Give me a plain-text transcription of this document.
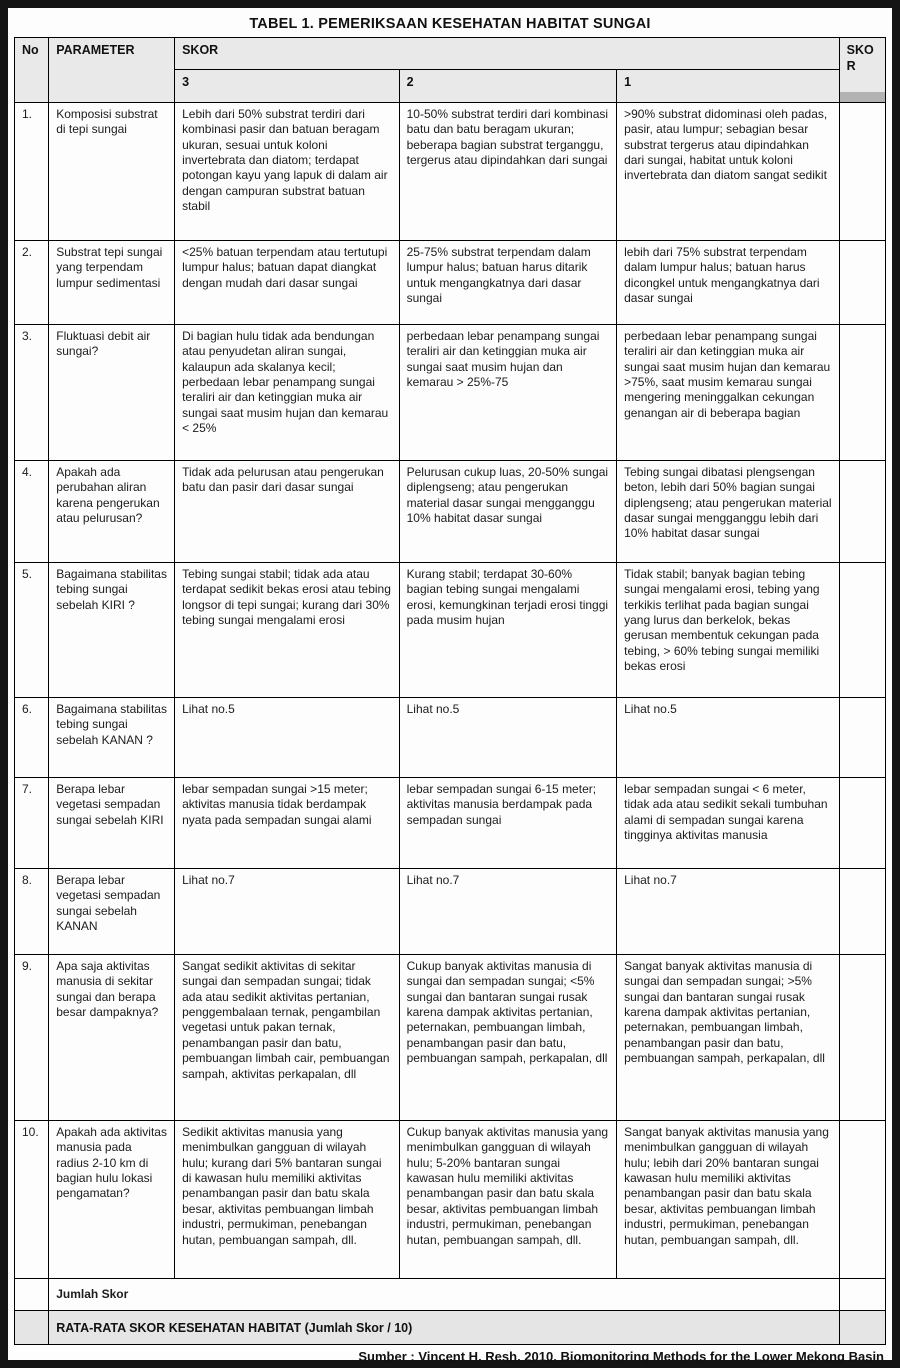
TABEL 1. PEMERIKSAAN KESEHATAN HABITAT SUNGAI
No	PARAMETER	SKOR			SKOR

		3	2	1	
1.	Komposisi substrat di tepi sungai	Lebih dari 50% substrat terdiri dari kombinasi pasir dan batuan beragam ukuran, sesuai untuk koloni invertebrata dan diatom; terdapat potongan kayu yang lapuk di dalam air dengan campuran substrat batuan stabil	10-50% substrat terdiri dari kombinasi batu dan batu beragam ukuran; beberapa bagian substrat terganggu, tergerus atau dipindahkan dari sungai	>90% substrat didominasi oleh padas, pasir, atau lumpur; sebagian besar substrat tergerus atau dipindahkan dari sungai, habitat untuk koloni invertebrata dan diatom sangat sedikit	
2.	Substrat tepi sungai yang terpendam lumpur sedimentasi	<25% batuan terpendam atau tertutupi lumpur halus; batuan dapat diangkat dengan mudah dari dasar sungai	25-75% substrat terpendam dalam lumpur halus; batuan harus ditarik untuk mengangkatnya dari dasar sungai	lebih dari 75% substrat terpendam dalam lumpur halus; batuan harus dicongkel untuk mengangkatnya dari dasar sungai	
3.	Fluktuasi debit air sungai?	Di bagian hulu tidak ada bendungan atau penyudetan aliran sungai, kalaupun ada skalanya kecil; perbedaan lebar penampang sungai teraliri air dan ketinggian muka air sungai saat musim hujan dan kemarau < 25%	perbedaan lebar penampang sungai teraliri air dan ketinggian muka air sungai saat musim hujan dan kemarau > 25%-75	perbedaan lebar penampang sungai teraliri air dan ketinggian muka air sungai saat musim hujan dan kemarau >75%, saat musim kemarau sungai mengering meninggalkan cekungan genangan air di beberapa bagian	
4.	Apakah ada perubahan aliran karena pengerukan atau pelurusan?	Tidak ada pelurusan atau pengerukan batu dan pasir dari dasar sungai	Pelurusan cukup luas, 20-50% sungai diplengseng; atau pengerukan material dasar sungai mengganggu 10% habitat dasar sungai	Tebing sungai dibatasi plengsengan beton, lebih dari 50% bagian sungai diplengseng; atau pengerukan material dasar sungai mengganggu lebih dari 10% habitat dasar sungai	
5.	Bagaimana stabilitas tebing sungai sebelah KIRI ?	Tebing sungai stabil; tidak ada atau terdapat sedikit bekas erosi atau tebing longsor di tepi sungai; kurang dari 30% tebing sungai mengalami erosi	Kurang stabil; terdapat 30-60% bagian tebing sungai mengalami erosi, kemungkinan terjadi erosi tinggi pada musim hujan	Tidak stabil; banyak bagian tebing sungai mengalami erosi, tebing yang terkikis terlihat pada bagian sungai yang lurus dan berkelok, bekas gerusan membentuk cekungan pada tebing, > 60% tebing sungai memiliki bekas erosi	
6.	Bagaimana stabilitas tebing sungai sebelah KANAN ?	Lihat no.5	Lihat no.5	Lihat no.5	
7.	Berapa lebar vegetasi sempadan sungai sebelah KIRI	lebar sempadan sungai >15 meter; aktivitas manusia tidak berdampak nyata pada sempadan sungai alami	lebar sempadan sungai 6-15 meter; aktivitas manusia berdampak pada sempadan sungai	lebar sempadan sungai < 6 meter, tidak ada atau sedikit sekali tumbuhan alami di sempadan sungai karena tingginya aktivitas manusia	
8.	Berapa lebar vegetasi sempadan sungai sebelah KANAN	Lihat no.7	Lihat no.7	Lihat no.7	
9.	Apa saja aktivitas manusia di sekitar sungai dan berapa besar dampaknya?	Sangat sedikit aktivitas di sekitar sungai dan sempadan sungai; tidak ada atau sedikit aktivitas pertanian, penggembalaan ternak, pengambilan vegetasi untuk pakan ternak, penambangan pasir dan batu, pembuangan limbah cair, pembuangan sampah, aktivitas perkapalan, dll	Cukup banyak aktivitas manusia di sungai dan sempadan sungai; <5% sungai dan bantaran sungai rusak karena dampak aktivitas pertanian, peternakan, pembuangan limbah, penambangan pasir dan batu, pembuangan sampah, perkapalan, dll	Sangat banyak aktivitas manusia di sungai dan sempadan sungai; >5% sungai dan bantaran sungai rusak karena dampak aktivitas pertanian, peternakan, pembuangan limbah, penambangan pasir dan batu, pembuangan sampah, perkapalan, dll	
10.	Apakah ada aktivitas manusia pada radius 2-10 km di bagian hulu lokasi pengamatan?	Sedikit aktivitas manusia yang menimbulkan gangguan di wilayah hulu; kurang dari 5% bantaran sungai di kawasan hulu memiliki aktivitas penambangan pasir dan batu skala besar, aktivitas pembuangan limbah industri, permukiman, penebangan hutan, pembuangan sampah, dll.	Cukup banyak aktivitas manusia yang menimbulkan gangguan di wilayah hulu; 5-20% bantaran sungai kawasan hulu memiliki aktivitas penambangan pasir dan batu skala besar, aktivitas pembuangan limbah industri, permukiman, penebangan hutan, pembuangan sampah, dll.	Sangat banyak aktivitas manusia yang menimbulkan gangguan di wilayah hulu; lebih dari 20% bantaran sungai kawasan hulu memiliki aktivitas penambangan pasir dan batu skala besar, aktivitas pembuangan limbah industri, permukiman, penebangan hutan, pembuangan sampah, dll.	
	Jumlah Skor				
	RATA-RATA SKOR KESEHATAN HABITAT (Jumlah Skor / 10)				
Sumber : Vincent H. Resh, 2010, Biomonitoring Methods for the Lower Mekong Basin
